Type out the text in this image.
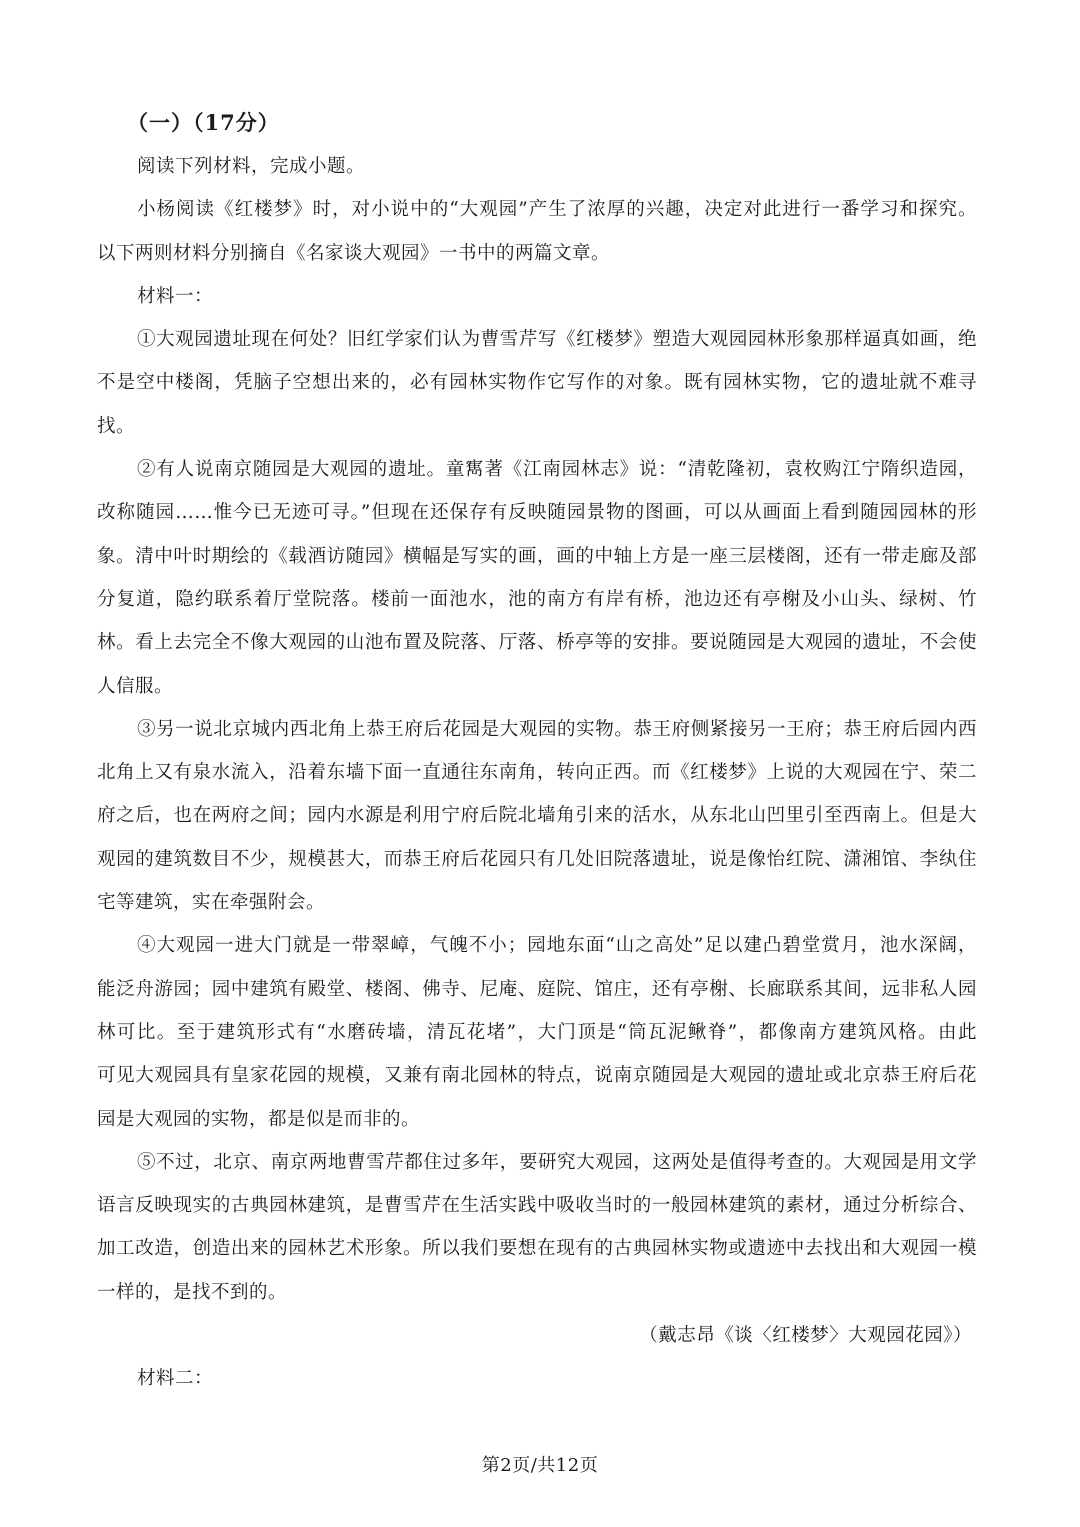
（一）（17分）

阅读下列材料，完成小题。

小杨阅读《红楼梦》时，对小说中的“大观园”产生了浓厚的兴趣，决定对此进行一番学习和探究。

以下两则材料分别摘自《名家谈大观园》一书中的两篇文章。

材料一：

①大观园遗址现在何处？旧红学家们认为曹雪芹写《红楼梦》塑造大观园园林形象那样逼真如画，绝

不是空中楼阁，凭脑子空想出来的，必有园林实物作它写作的对象。既有园林实物，它的遗址就不难寻

找。

②有人说南京随园是大观园的遗址。童寯著《江南园林志》说：“清乾隆初，袁枚购江宁隋织造园，

改称随园……惟今已无迹可寻。”但现在还保存有反映随园景物的图画，可以从画面上看到随园园林的形

象。清中叶时期绘的《载酒访随园》横幅是写实的画，画的中轴上方是一座三层楼阁，还有一带走廊及部

分复道，隐约联系着厅堂院落。楼前一面池水，池的南方有岸有桥，池边还有亭榭及小山头、绿树、竹

林。看上去完全不像大观园的山池布置及院落、厅落、桥亭等的安排。要说随园是大观园的遗址，不会使

人信服。

③另一说北京城内西北角上恭王府后花园是大观园的实物。恭王府侧紧接另一王府；恭王府后园内西

北角上又有泉水流入，沿着东墙下面一直通往东南角，转向正西。而《红楼梦》上说的大观园在宁、荣二

府之后，也在两府之间；园内水源是利用宁府后院北墙角引来的活水，从东北山凹里引至西南上。但是大

观园的建筑数目不少，规模甚大，而恭王府后花园只有几处旧院落遗址，说是像怡红院、潇湘馆、李纨住

宅等建筑，实在牵强附会。

④大观园一进大门就是一带翠嶂，气魄不小；园地东面“山之高处”足以建凸碧堂赏月，池水深阔，

能泛舟游园；园中建筑有殿堂、楼阁、佛寺、尼庵、庭院、馆庄，还有亭榭、长廊联系其间，远非私人园

林可比。至于建筑形式有“水磨砖墙，清瓦花堵”，大门顶是“筒瓦泥鳅脊”，都像南方建筑风格。由此

可见大观园具有皇家花园的规模，又兼有南北园林的特点，说南京随园是大观园的遗址或北京恭王府后花

园是大观园的实物，都是似是而非的。

⑤不过，北京、南京两地曹雪芹都住过多年，要研究大观园，这两处是值得考查的。大观园是用文学

语言反映现实的古典园林建筑，是曹雪芹在生活实践中吸收当时的一般园林建筑的素材，通过分析综合、

加工改造，创造出来的园林艺术形象。所以我们要想在现有的古典园林实物或遗迹中去找出和大观园一模

一样的，是找不到的。

（戴志昂《谈〈红楼梦〉大观园花园》）

材料二：

第2页/共12页
